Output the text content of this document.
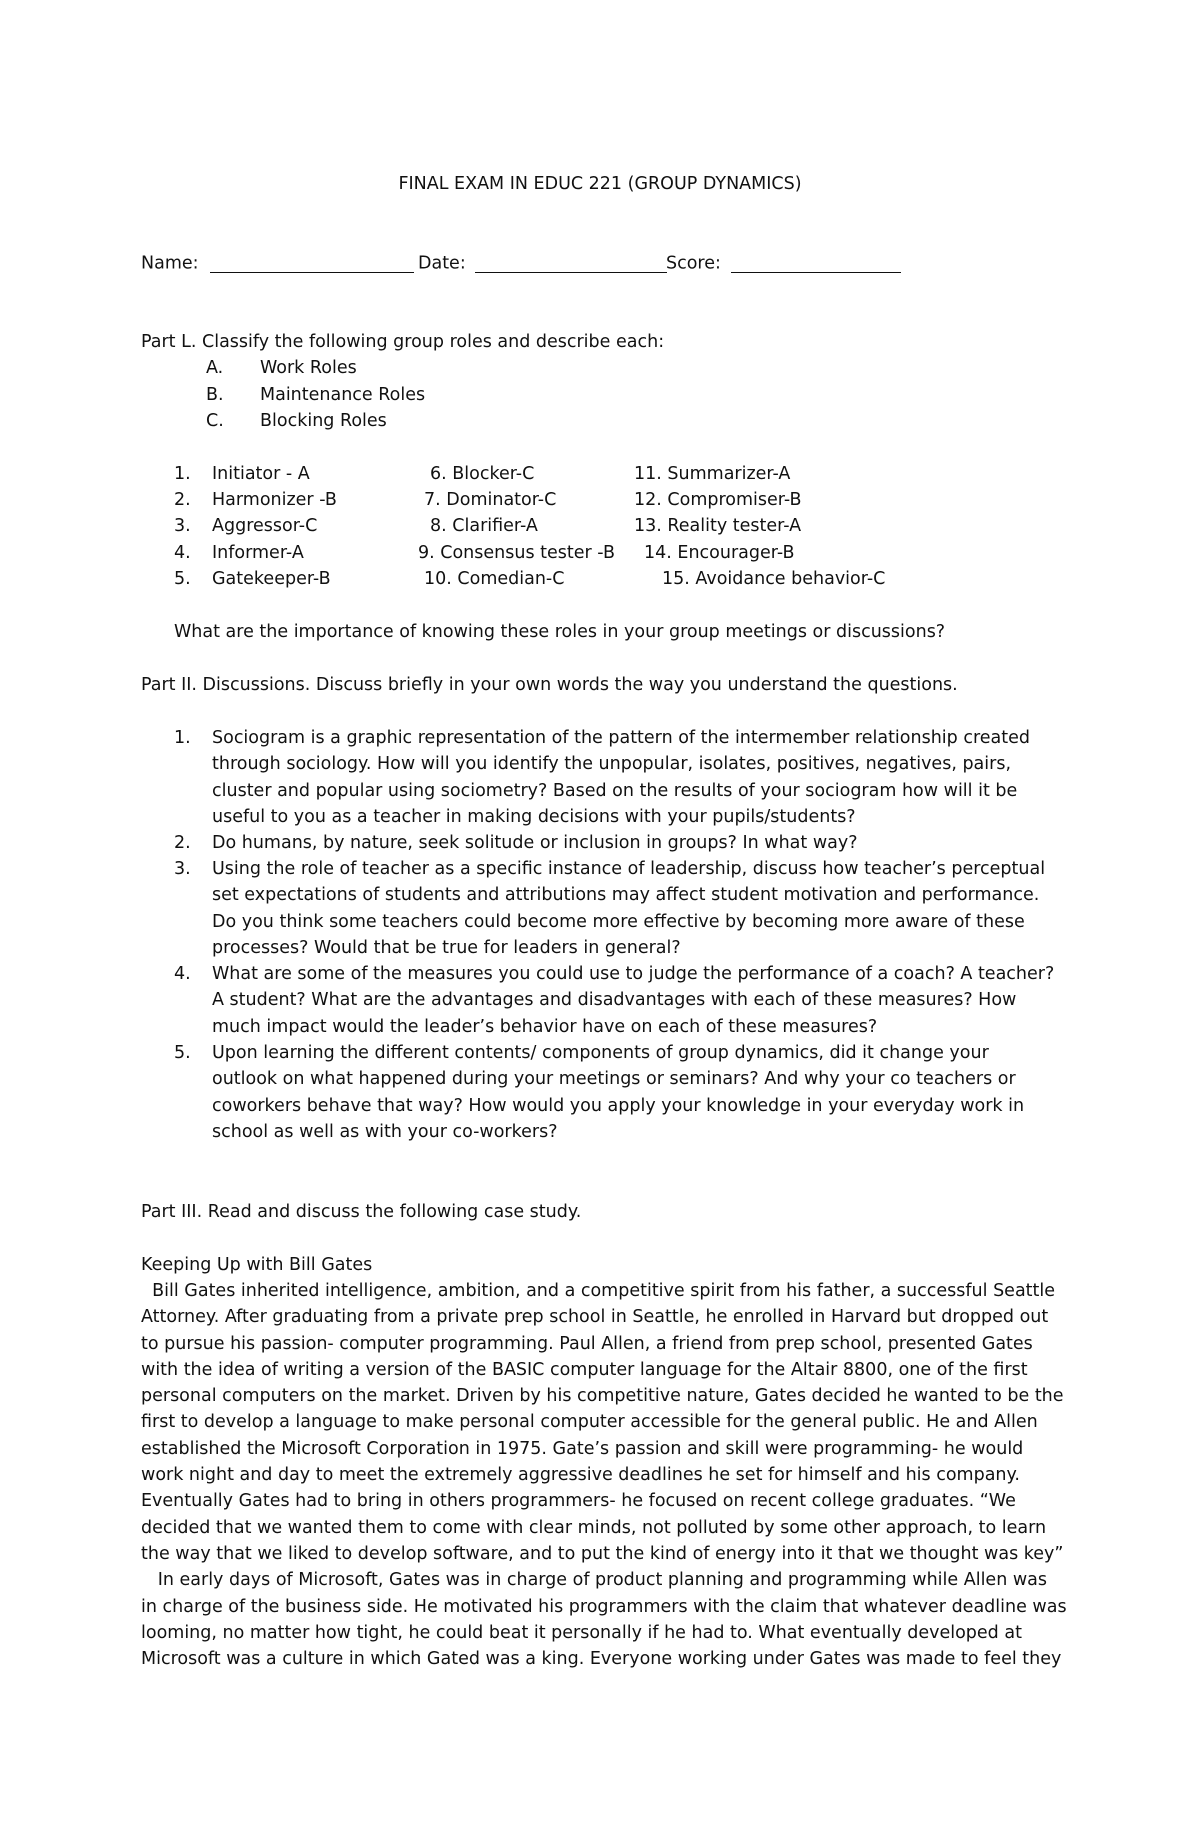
FINAL EXAM IN EDUC 221 (GROUP DYNAMICS)
Name:	Date:	Score:
Part L. Classify the following group roles and describe each:
A. Work Roles
B. Maintenance Roles
C. Blocking Roles
1. Initiator - A
2. Harmonizer -B
3. Aggressor-C
4. Informer-A
5. Gatekeeper-B
6. Blocker-C
7. Dominator-C
8. Clarifier-A
9. Consensus tester -B
10. Comedian-C
11. Summarizer-A
12. Compromiser-B
13. Reality tester-A
14. Encourager-B
15. Avoidance behavior-C
What are the importance of knowing these roles in your group meetings or discussions?
Part II. Discussions. Discuss briefly in your own words the way you understand the questions.
1. Sociogram is a graphic representation of the pattern of the intermember relationship created
through sociology. How will you identify the unpopular, isolates, positives, negatives, pairs,
cluster and popular using sociometry? Based on the results of your sociogram how will it be
useful to you as a teacher in making decisions with your pupils/students?
2. Do humans, by nature, seek solitude or inclusion in groups? In what way?
3. Using the role of teacher as a specific instance of leadership, discuss how teacher’s perceptual
set expectations of students and attributions may affect student motivation and performance.
Do you think some teachers could become more effective by becoming more aware of these
processes? Would that be true for leaders in general?
4. What are some of the measures you could use to judge the performance of a coach? A teacher?
A student? What are the advantages and disadvantages with each of these measures? How
much impact would the leader’s behavior have on each of these measures?
5. Upon learning the different contents/ components of group dynamics, did it change your
outlook on what happened during your meetings or seminars? And why your co teachers or
coworkers behave that way? How would you apply your knowledge in your everyday work in
school as well as with your co-workers?
Part III. Read and discuss the following case study.
Keeping Up with Bill Gates
Bill Gates inherited intelligence, ambition, and a competitive spirit from his father, a successful Seattle
Attorney. After graduating from a private prep school in Seattle, he enrolled in Harvard but dropped out
to pursue his passion- computer programming. Paul Allen, a friend from prep school, presented Gates
with the idea of writing a version of the BASIC computer language for the Altair 8800, one of the first
personal computers on the market. Driven by his competitive nature, Gates decided he wanted to be the
first to develop a language to make personal computer accessible for the general public. He and Allen
established the Microsoft Corporation in 1975. Gate’s passion and skill were programming- he would
work night and day to meet the extremely aggressive deadlines he set for himself and his company.
Eventually Gates had to bring in others programmers- he focused on recent college graduates. “We
decided that we wanted them to come with clear minds, not polluted by some other approach, to learn
the way that we liked to develop software, and to put the kind of energy into it that we thought was key”
In early days of Microsoft, Gates was in charge of product planning and programming while Allen was
in charge of the business side. He motivated his programmers with the claim that whatever deadline was
looming, no matter how tight, he could beat it personally if he had to. What eventually developed at
Microsoft was a culture in which Gated was a king. Everyone working under Gates was made to feel they
